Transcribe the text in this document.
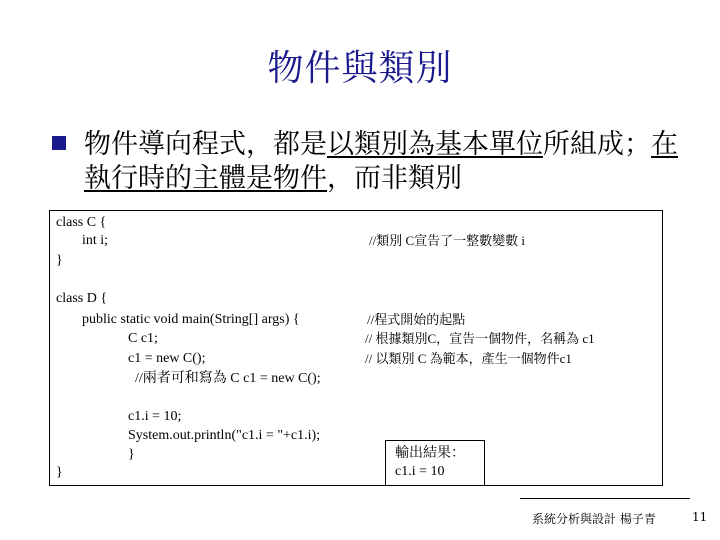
物件與類別
物件導向程式，都是以類別為基本單位所組成；在執行時的主體是物件，而非類別
class C {
int i;
}
class D {
public static void main(String[] args) {
C c1;
c1 = new C();
//兩者可和寫為 C c1 = new C();
c1.i = 10;
System.out.println("c1.i = "+c1.i);
}
}
//類別 C宣告了一整數變數 i
//程式開始的起點
// 根據類別C，宣告一個物件，名稱為 c1
// 以類別 C 為範本，產生一個物件c1
輸出結果：
c1.i = 10
系統分析與設計 楊子青	11
